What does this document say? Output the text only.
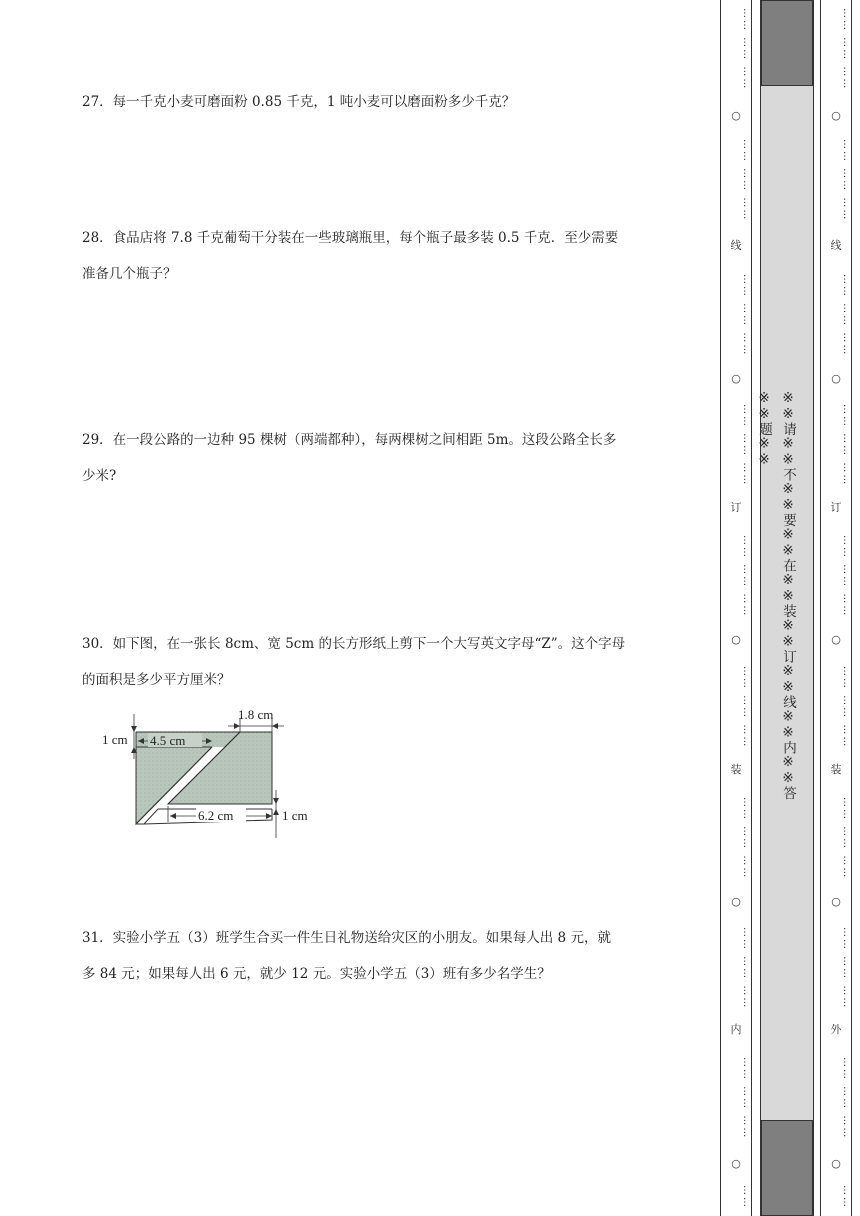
27．每一千克小麦可磨面粉 0.85 千克，1 吨小麦可以磨面粉多少千克？

28．食品店将 7.8 千克葡萄干分装在一些玻璃瓶里，每个瓶子最多装 0.5 千克．至少需要

准备几个瓶子？

29．在一段公路的一边种 95 棵树（两端都种），每两棵树之间相距 5m。这段公路全长多

少米?

30．如下图，在一张长 8cm、宽 5cm 的长方形纸上剪下一个大写英文字母“Z”。这个字母

的面积是多少平方厘米？

31．实验小学五（3）班学生合买一件生日礼物送给灾区的小朋友。如果每人出 8 元，就

多 84 元；如果每人出 6 元，就少 12 元。实验小学五（3）班有多少名学生？

1 cm 4.5 cm
1.8 cm
6.2 cm	1 cm
…… …… ……
○
…… …… ……
线
…… …… ……
○
…… …… ……
订
…… …… ……
○
…… …… ……
装
…… …… ……
○
…… …… ……
内
…… …… ……
○
……
※※请※※不※※要※※在※※装※※订※※线※※内※※答※※题※※
…… …… ……
○
…… …… ……
线
…… …… ……
○
…… …… ……
订
…… …… ……
○
…… …… ……
装
…… …… ……
○
…… …… ……
外
…… …… ……
○
……
